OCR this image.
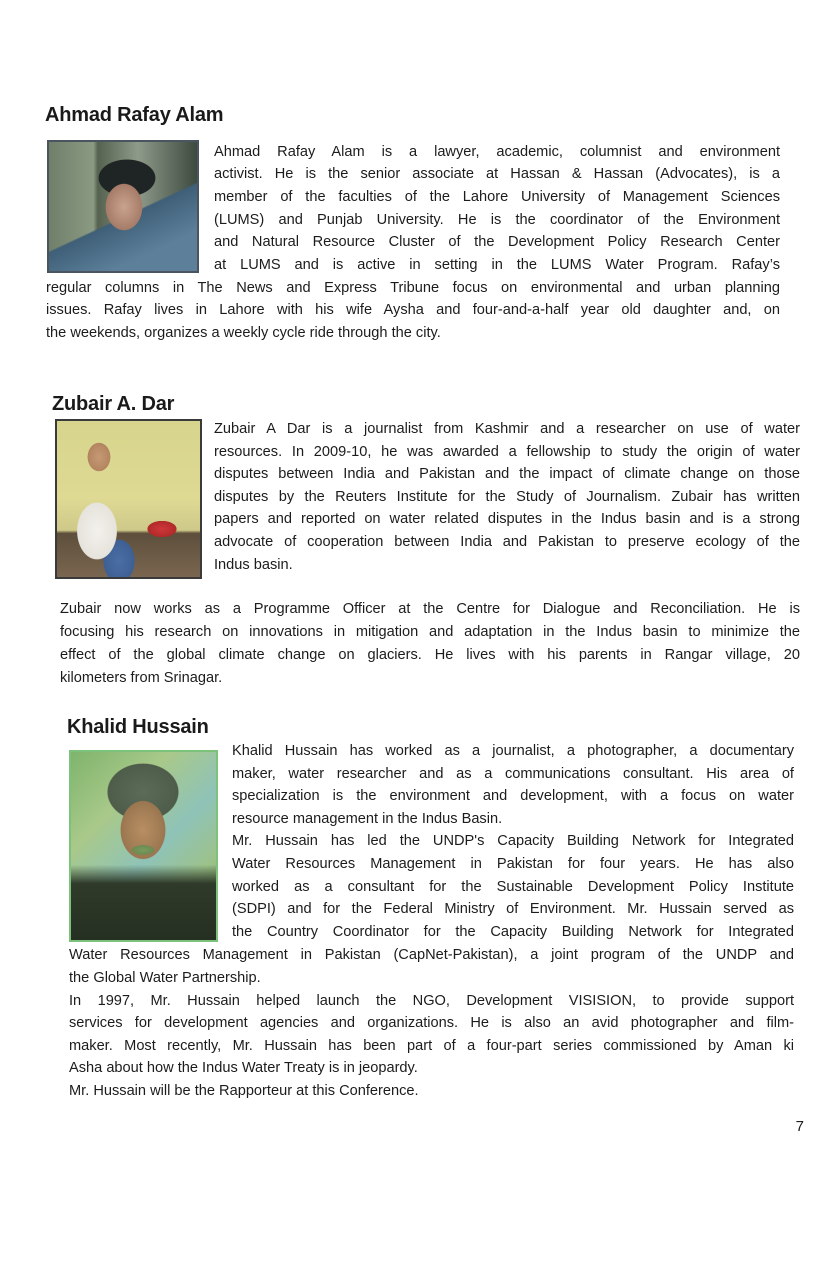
Ahmad Rafay Alam
Ahmad Rafay Alam is a lawyer, academic, columnist and environment
activist. He is the senior associate at Hassan & Hassan (Advocates), is a
member of the faculties of the Lahore University of Management Sciences
(LUMS) and Punjab University. He is the coordinator of the Environment
and Natural Resource Cluster of the Development Policy Research Center
at LUMS and is active in setting in the LUMS Water Program. Rafay’s
regular columns in The News and Express Tribune focus on environmental and urban planning
issues. Rafay lives in Lahore with his wife Aysha and four-and-a-half year old daughter and, on
the weekends, organizes a weekly cycle ride through the city.
Zubair A. Dar
Zubair A Dar is a journalist from Kashmir and a researcher on use of water
resources. In 2009-10, he was awarded a fellowship to study the origin of water
disputes between India and Pakistan and the impact of climate change on those
disputes by the Reuters Institute for the Study of Journalism. Zubair has written
papers and reported on water related disputes in the Indus basin and is a strong
advocate of cooperation between India and Pakistan to preserve ecology of the
Indus basin.
Zubair now works as a Programme Officer at the Centre for Dialogue and Reconciliation. He is
focusing his research on innovations in mitigation and adaptation in the Indus basin to minimize the
effect of the global climate change on glaciers. He lives with his parents in Rangar village, 20
kilometers from Srinagar.
Khalid Hussain
Khalid Hussain has worked as a journalist, a photographer, a documentary
maker, water researcher and as a communications consultant. His area of
specialization is the environment and development, with a focus on water
resource management in the Indus Basin.
Mr. Hussain has led the UNDP's Capacity Building Network for Integrated
Water Resources Management in Pakistan for four years. He has also
worked as a consultant for the Sustainable Development Policy Institute
(SDPI) and for the Federal Ministry of Environment. Mr. Hussain served as
the Country Coordinator for the Capacity Building Network for Integrated
Water Resources Management in Pakistan (CapNet-Pakistan), a joint program of the UNDP and
the Global Water Partnership.
In 1997, Mr. Hussain helped launch the NGO, Development VISISION, to provide support
services for development agencies and organizations. He is also an avid photographer and film-
maker. Most recently, Mr. Hussain has been part of a four-part series commissioned by Aman ki
Asha about how the Indus Water Treaty is in jeopardy.
Mr. Hussain will be the Rapporteur at this Conference.
7
